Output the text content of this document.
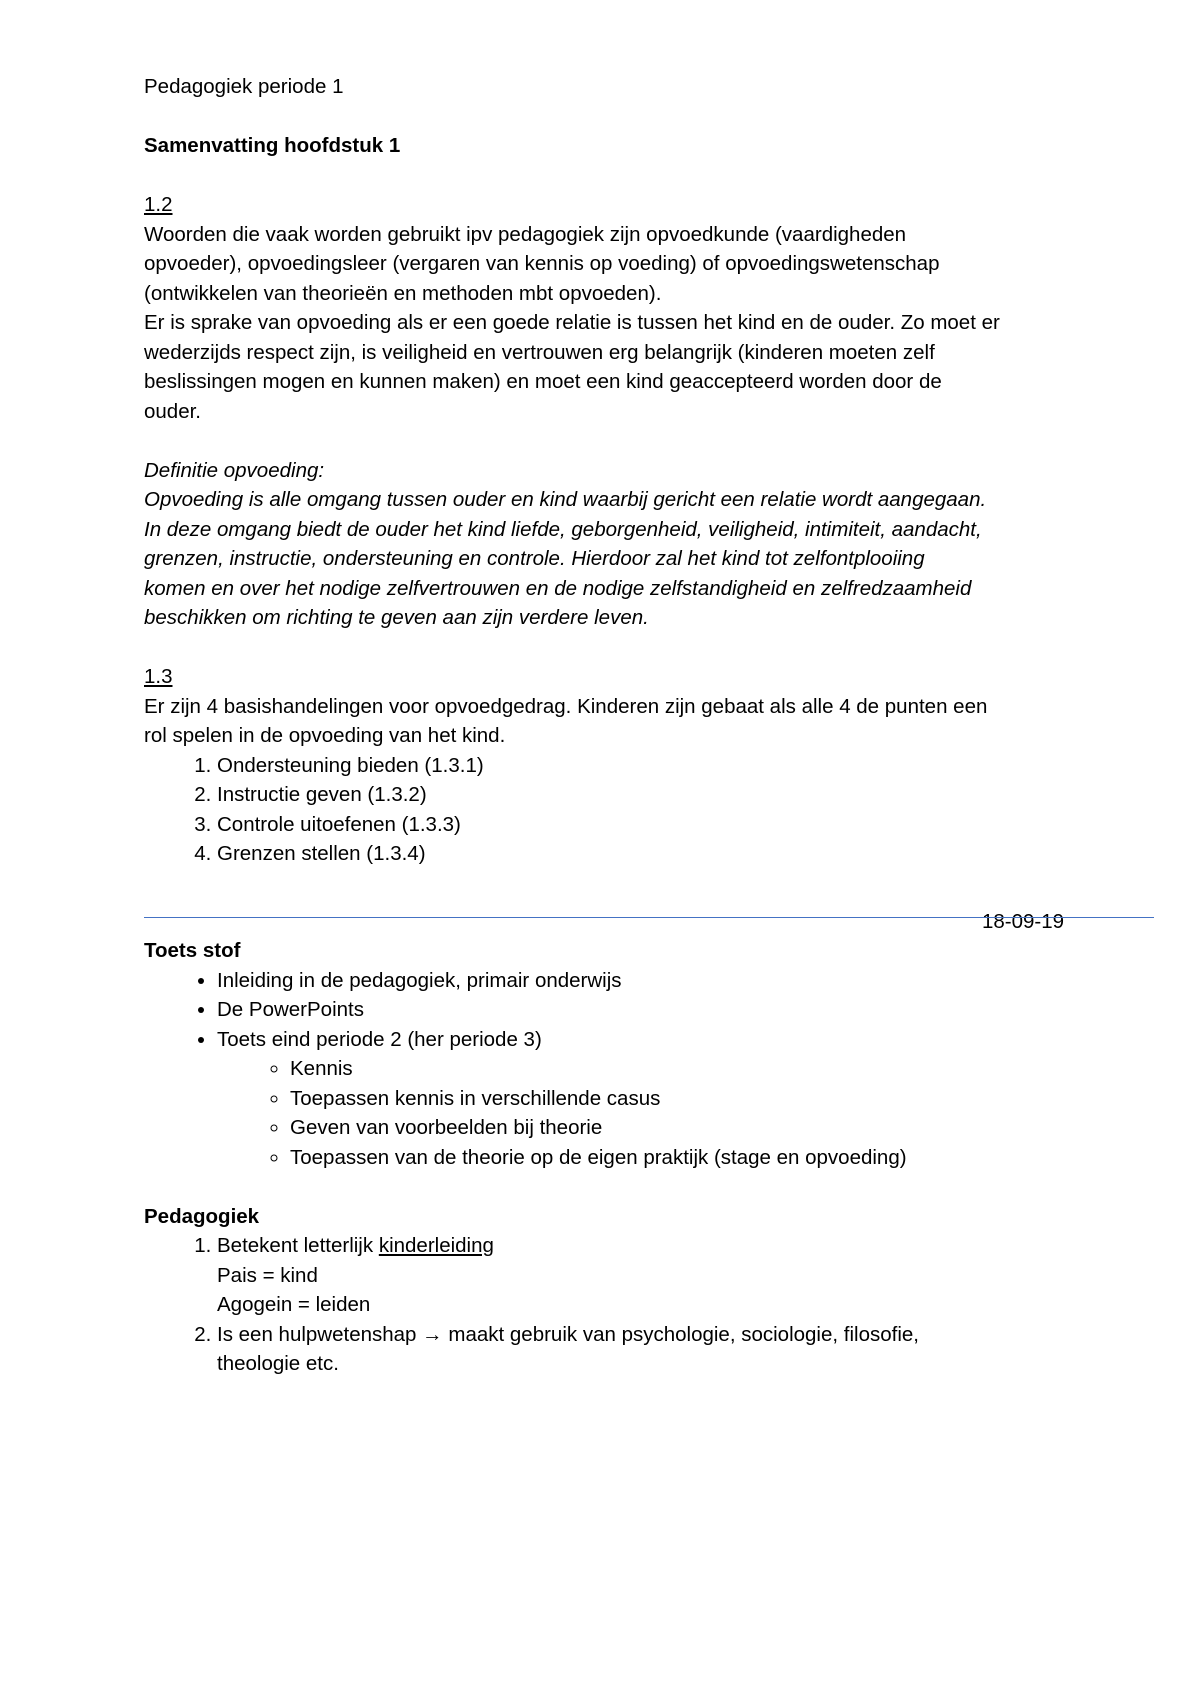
Pedagogiek periode 1

Samenvatting hoofdstuk 1

1.2

Woorden die vaak worden gebruikt ipv pedagogiek zijn opvoedkunde (vaardigheden

opvoeder), opvoedingsleer (vergaren van kennis op voeding) of opvoedingswetenschap

(ontwikkelen van theorieën en methoden mbt opvoeden).

Er is sprake van opvoeding als er een goede relatie is tussen het kind en de ouder. Zo moet er

wederzijds respect zijn, is veiligheid en vertrouwen erg belangrijk (kinderen moeten zelf

beslissingen mogen en kunnen maken) en moet een kind geaccepteerd worden door de

ouder.

Definitie opvoeding:

Opvoeding is alle omgang tussen ouder en kind waarbij gericht een relatie wordt aangegaan.

In deze omgang biedt de ouder het kind liefde, geborgenheid, veiligheid, intimiteit, aandacht,

grenzen, instructie, ondersteuning en controle. Hierdoor zal het kind tot zelfontplooiing

komen en over het nodige zelfvertrouwen en de nodige zelfstandigheid en zelfredzaamheid

beschikken om richting te geven aan zijn verdere leven.

1.3

Er zijn 4 basishandelingen voor opvoedgedrag. Kinderen zijn gebaat als alle 4 de punten een

rol spelen in de opvoeding van het kind.

1. Ondersteuning bieden (1.3.1)
2. Instructie geven (1.3.2)
3. Controle uitoefenen (1.3.3)
4. Grenzen stellen (1.3.4)

18-09-19

Toets stof

• Inleiding in de pedagogiek, primair onderwijs
• De PowerPoints
• Toets eind periode 2 (her periode 3)
◦ Kennis
◦ Toepassen kennis in verschillende casus
◦ Geven van voorbeelden bij theorie
◦ Toepassen van de theorie op de eigen praktijk (stage en opvoeding)

Pedagogiek

1. Betekent letterlijk kinderleiding
Pais = kind
Agogein = leiden
2. Is een hulpwetenshap → maakt gebruik van psychologie, sociologie, filosofie,
theologie etc.
